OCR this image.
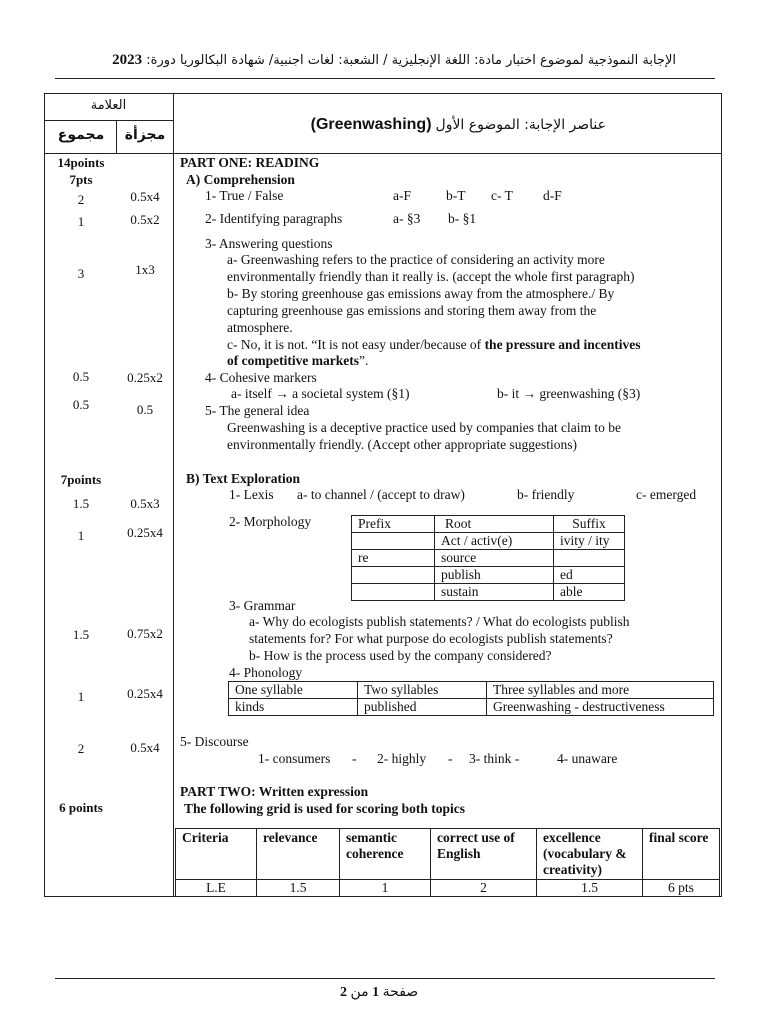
الإجابة النموذجية لموضوع اختبار مادة: اللغة الإنجليزية / الشعبة: لغات اجنبية/ شهادة البكالوريا دورة: 2023
العلامة
مجموع	مجزأة
(Greenwashing) عناصر الإجابة: الموضوع الأول
14points
7pts
2	0.5x4
1	0.5x2
3	1x3
0.5	0.25x2
0.5	0.5
7points
1.5	0.5x3
1	0.25x4
1.5	0.75x2
1	0.25x4
2	0.5x4
6 points
PART ONE: READING
A) Comprehension
1- True / False	a-F	b-T c- T d-F
2- Identifying paragraphs	a- §3 b- §1
3- Answering questions
a- Greenwashing refers to the practice of considering an activity more
environmentally friendly than it really is. (accept the whole first paragraph)
b- By storing greenhouse gas emissions away from the atmosphere./ By
capturing greenhouse gas emissions and storing them away from the
atmosphere.
c- No, it is not. “It is not easy under/because of the pressure and incentives
of competitive markets”.
4- Cohesive markers
a- itself → a societal system (§1)	b- it → greenwashing (§3)
5- The general idea
Greenwashing is a deceptive practice used by companies that claim to be
environmentally friendly. (Accept other appropriate suggestions)
B) Text Exploration
1- Lexis a- to channel / (accept to draw)	b- friendly	c- emerged
2- Morphology	Prefix	Root	Suffix
	Act / activ(e)	ivity / ity
re	source	
	publish	ed
	sustain	able
3- Grammar
a- Why do ecologists publish statements? / What do ecologists publish
statements for? For what purpose do ecologists publish statements?
b- How is the process used by the company considered?
4- Phonology
One syllable	Two syllables	Three syllables and more
kinds	published	Greenwashing - destructiveness
5- Discourse
1- consumers - 2- highly - 3- think -	4- unaware
PART TWO: Written expression
The following grid is used for scoring both topics
Criteria	relevance	semantic coherence	correct use of English	excellence (vocabulary & creativity)	final score
L.E	1.5	1	2	1.5	6 pts
صفحة 1 من 2
